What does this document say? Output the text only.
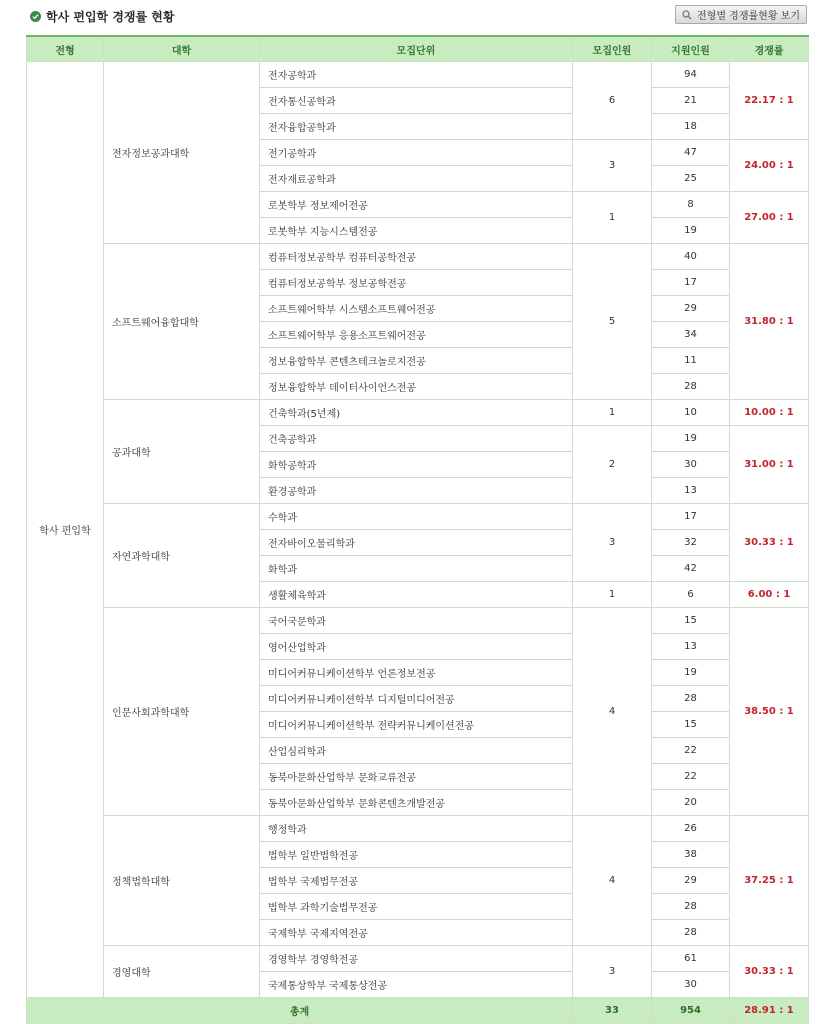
학사 편입학 경쟁률 현황	전형별 경쟁률현황 보기
전형	대학	모집단위	모집인원	지원인원	경쟁률
학사 편입학	전자정보공과대학	전자공학과	6	94	22.17 : 1
		전자통신공학과		21	
		전자융합공학과		18	
		전기공학과	3	47	24.00 : 1
		전자재료공학과		25	
		로봇학부 정보제어전공	1	8	27.00 : 1
		로봇학부 지능시스템전공		19	
	소프트웨어융합대학	컴퓨터정보공학부 컴퓨터공학전공	5	40	31.80 : 1
		컴퓨터정보공학부 정보공학전공		17	
		소프트웨어학부 시스템소프트웨어전공		29	
		소프트웨어학부 응용소프트웨어전공		34	
		정보융합학부 콘텐츠테크놀로지전공		11	
		정보융합학부 데이터사이언스전공		28	
	공과대학	건축학과(5년제)	1	10	10.00 : 1
		건축공학과	2	19	31.00 : 1
		화학공학과		30	
		환경공학과		13	
	자연과학대학	수학과	3	17	30.33 : 1
		전자바이오물리학과		32	
		화학과		42	
		생활체육학과	1	6	6.00 : 1
	인문사회과학대학	국어국문학과	4	15	38.50 : 1
		영어산업학과		13	
		미디어커뮤니케이션학부 언론정보전공		19	
		미디어커뮤니케이션학부 디지털미디어전공		28	
		미디어커뮤니케이션학부 전략커뮤니케이션전공		15	
		산업심리학과		22	
		동북아문화산업학부 문화교류전공		22	
		동북아문화산업학부 문화콘텐츠개발전공		20	
	정책법학대학	행정학과	4	26	37.25 : 1
		법학부 일반법학전공		38	
		법학부 국제법무전공		29	
		법학부 과학기술법무전공		28	
		국제학부 국제지역전공		28	
	경영대학	경영학부 경영학전공	3	61	30.33 : 1
		국제통상학부 국제통상전공		30	
총계			33	954	28.91 : 1
